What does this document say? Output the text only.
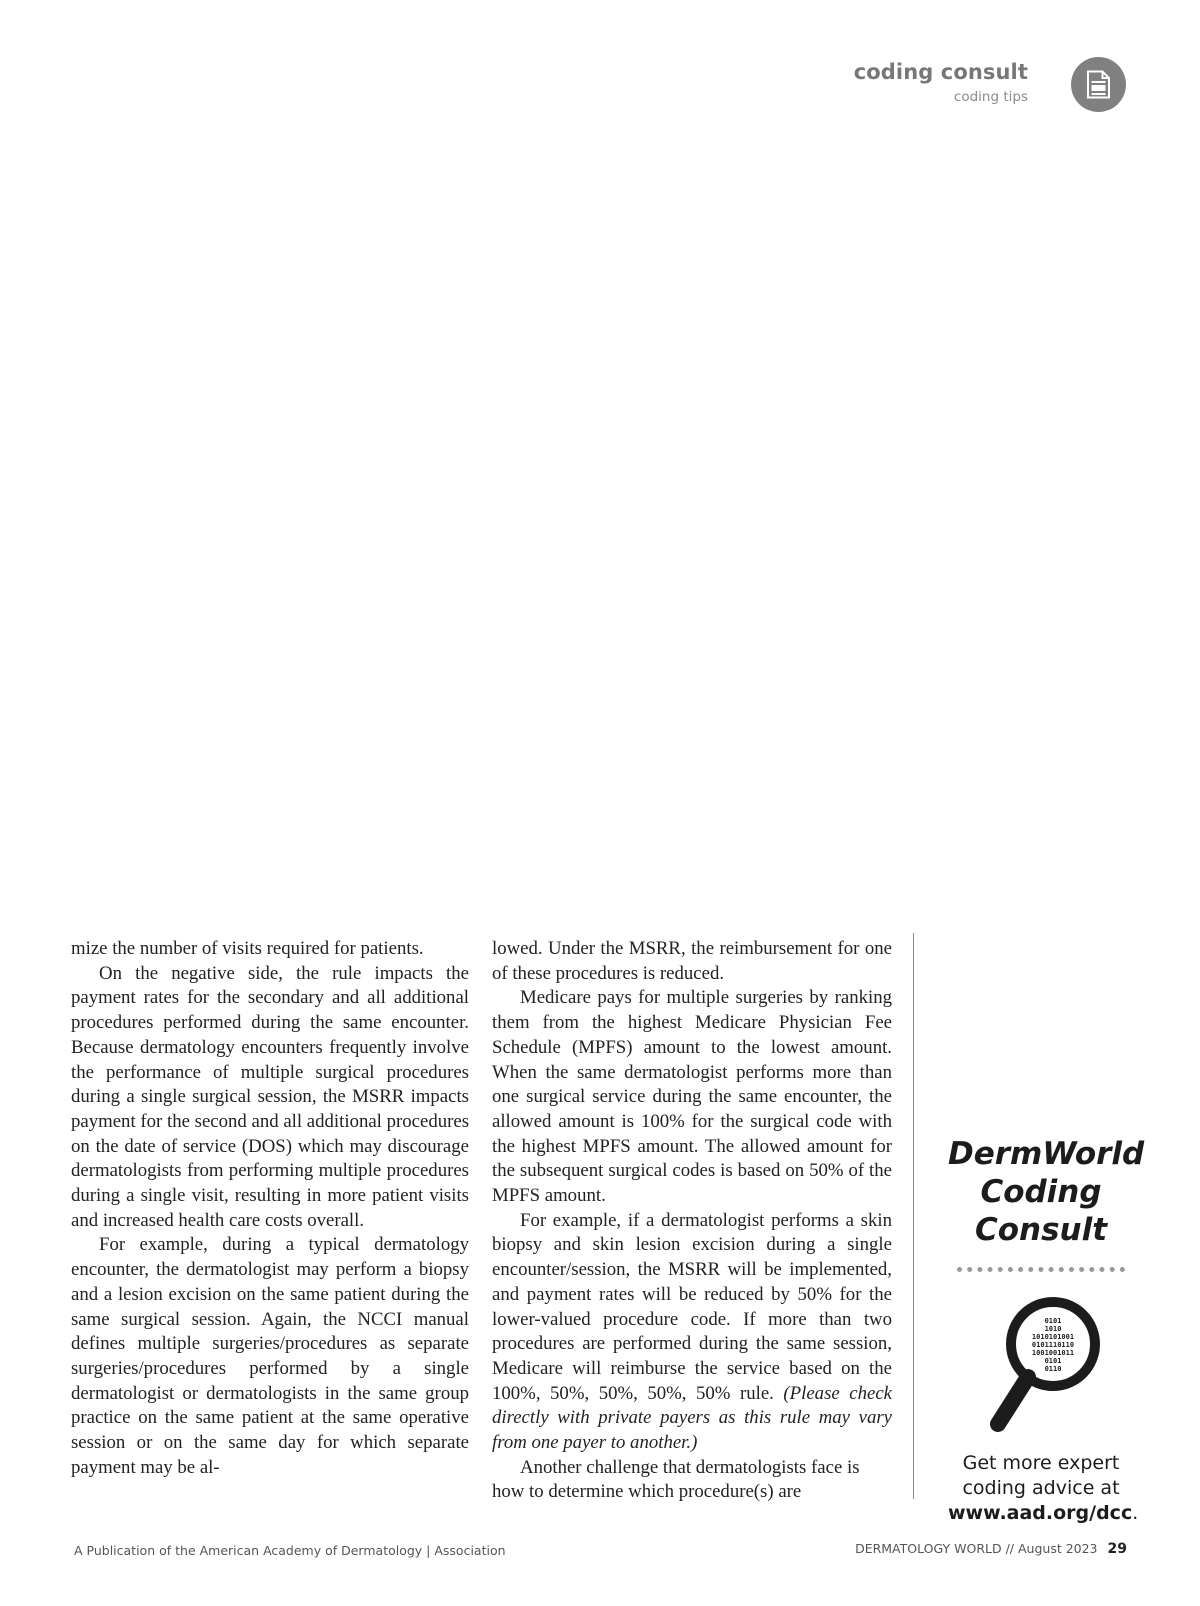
coding consult
coding tips

mize the number of visits required for patients.

On the negative side, the rule impacts the payment rates for the secondary and all additional procedures performed during the same encounter. Because dermatology encounters frequently involve the performance of multiple surgical procedures during a single surgical session, the MSRR impacts payment for the second and all additional procedures on the date of service (DOS) which may discourage dermatologists from performing multiple procedures during a single visit, resulting in more patient visits and increased health care costs overall.

For example, during a typical dermatology encounter, the dermatologist may perform a biopsy and a lesion excision on the same patient during the same surgical session. Again, the NCCI manual defines multiple surgeries/procedures as separate surgeries/procedures performed by a single dermatologist or dermatologists in the same group practice on the same patient at the same operative session or on the same day for which separate payment may be al-

lowed. Under the MSRR, the reimbursement for one of these procedures is reduced.

Medicare pays for multiple surgeries by ranking them from the highest Medicare Physician Fee Schedule (MPFS) amount to the lowest amount. When the same dermatologist performs more than one surgical service during the same encounter, the allowed amount is 100% for the surgical code with the highest MPFS amount. The allowed amount for the subsequent surgical codes is based on 50% of the MPFS amount.

For example, if a dermatologist performs a skin biopsy and skin lesion excision during a single encounter/session, the MSRR will be implemented, and payment rates will be reduced by 50% for the lower-valued procedure code. If more than two procedures are performed during the same session, Medicare will reimburse the service based on the 100%, 50%, 50%, 50%, 50% rule. (Please check directly with private payers as this rule may vary from one payer to another.)

Another challenge that dermatologists face is how to determine which procedure(s) are

DermWorld
Coding
Consult
0101
1010
1010101001
0101110110
1001001011
0101
0110
Get more expert
coding advice at
www.aad.org/dcc.
A Publication of the American Academy of Dermatology | Association	DERMATOLOGY WORLD // August 2023 29
